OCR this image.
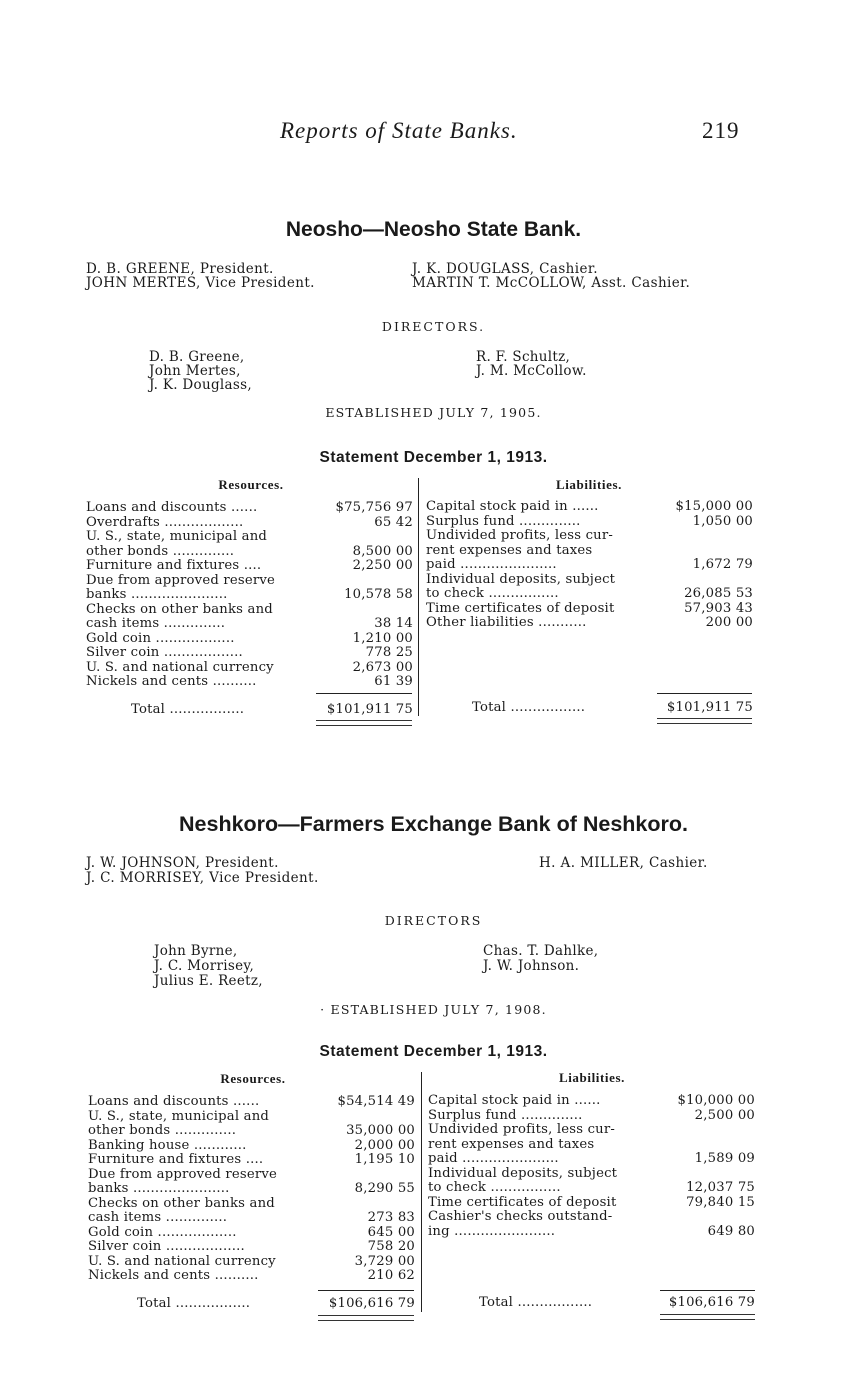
Reports of State Banks.	219
Neosho—Neosho State Bank.
D. B. GREENE, President.
JOHN MERTES, Vice President.
J. K. DOUGLASS, Cashier.
MARTIN T. McCOLLOW, Asst. Cashier.
DIRECTORS.
D. B. Greene,
John Mertes,
J. K. Douglass,
R. F. Schultz,
J. M. McCollow.
ESTABLISHED JULY 7, 1905.
Statement December 1, 1913.
Resources.	Liabilities.
Loans and discounts ......	$75,756 97
Overdrafts ..................	65 42
U. S., state, municipal and
other bonds ..............	8,500 00
Furniture and fixtures ....	2,250 00
Due from approved reserve
banks ......................	10,578 58
Checks on other banks and
cash items ..............	38 14
Gold coin ..................	1,210 00
Silver coin ..................	778 25
U. S. and national currency	2,673 00
Nickels and cents ..........	61 39
Capital stock paid in ......	$15,000 00
Surplus fund ..............	1,050 00
Undivided profits, less cur-
rent expenses and taxes
paid ......................	1,672 79
Individual deposits, subject
to check ................	26,085 53
Time certificates of deposit	57,903 43
Other liabilities ...........	200 00
Total .................	$101,911 75	Total .................	$101,911 75
Neshkoro—Farmers Exchange Bank of Neshkoro.
J. W. JOHNSON, President.
J. C. MORRISEY, Vice President.
H. A. MILLER, Cashier.
DIRECTORS
John Byrne,
J. C. Morrisey,
Julius E. Reetz,
Chas. T. Dahlke,
J. W. Johnson.
· ESTABLISHED JULY 7, 1908.
Statement December 1, 1913.
Resources.	Liabilities.
Loans and discounts ......	$54,514 49
U. S., state, municipal and
other bonds ..............	35,000 00
Banking house ............	2,000 00
Furniture and fixtures ....	1,195 10
Due from approved reserve
banks ......................	8,290 55
Checks on other banks and
cash items ..............	273 83
Gold coin ..................	645 00
Silver coin ..................	758 20
U. S. and national currency	3,729 00
Nickels and cents ..........	210 62
Capital stock paid in ......	$10,000 00
Surplus fund ..............	2,500 00
Undivided profits, less cur-
rent expenses and taxes
paid ......................	1,589 09
Individual deposits, subject
to check ................	12,037 75
Time certificates of deposit	79,840 15
Cashier's checks outstand-
ing .......................	649 80
Total .................	$106,616 79	Total .................	$106,616 79
